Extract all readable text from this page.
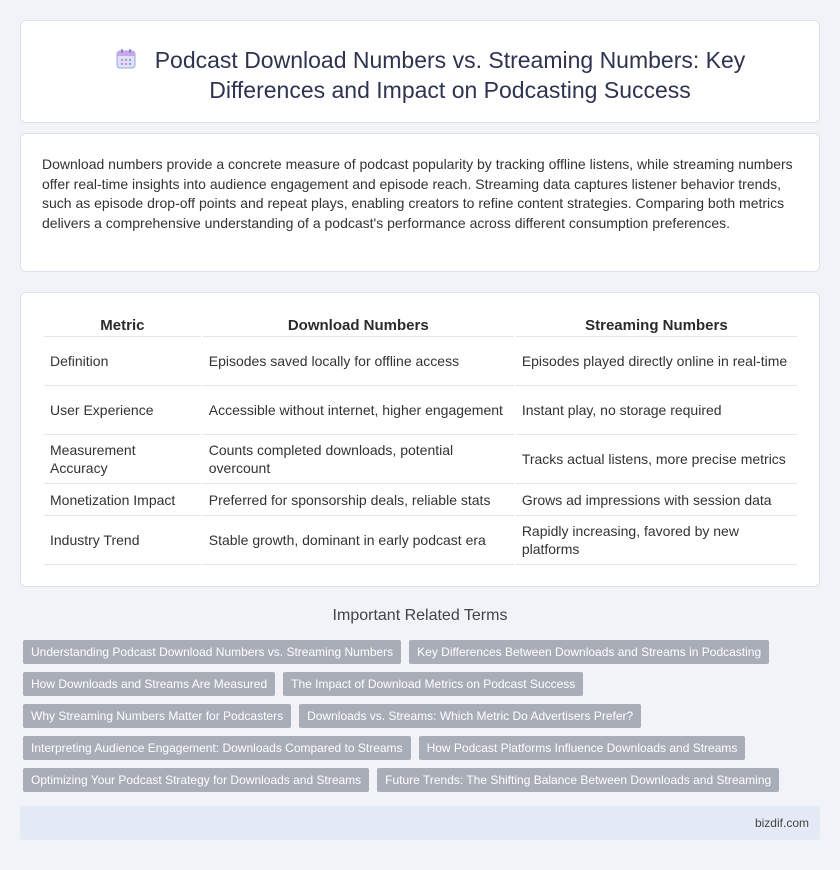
Podcast Download Numbers vs. Streaming Numbers: Key Differences and Impact on Podcasting Success

Download numbers provide a concrete measure of podcast popularity by tracking offline listens, while streaming numbers offer real-time insights into audience engagement and episode reach. Streaming data captures listener behavior trends, such as episode drop-off points and repeat plays, enabling creators to refine content strategies. Comparing both metrics delivers a comprehensive understanding of a podcast's performance across different consumption preferences.

Metric	Download Numbers	Streaming Numbers
Definition	Episodes saved locally for offline access	Episodes played directly online in real-time
User Experience	Accessible without internet, higher engagement	Instant play, no storage required
Measurement Accuracy	Counts completed downloads, potential overcount	Tracks actual listens, more precise metrics
Monetization Impact	Preferred for sponsorship deals, reliable stats	Grows ad impressions with session data
Industry Trend	Stable growth, dominant in early podcast era	Rapidly increasing, favored by new platforms
Important Related Terms
Understanding Podcast Download Numbers vs. Streaming Numbers	Key Differences Between Downloads and Streams in Podcasting
How Downloads and Streams Are Measured	The Impact of Download Metrics on Podcast Success
Why Streaming Numbers Matter for Podcasters	Downloads vs. Streams: Which Metric Do Advertisers Prefer?
Interpreting Audience Engagement: Downloads Compared to Streams	How Podcast Platforms Influence Downloads and Streams
Optimizing Your Podcast Strategy for Downloads and Streams	Future Trends: The Shifting Balance Between Downloads and Streaming
bizdif.com
